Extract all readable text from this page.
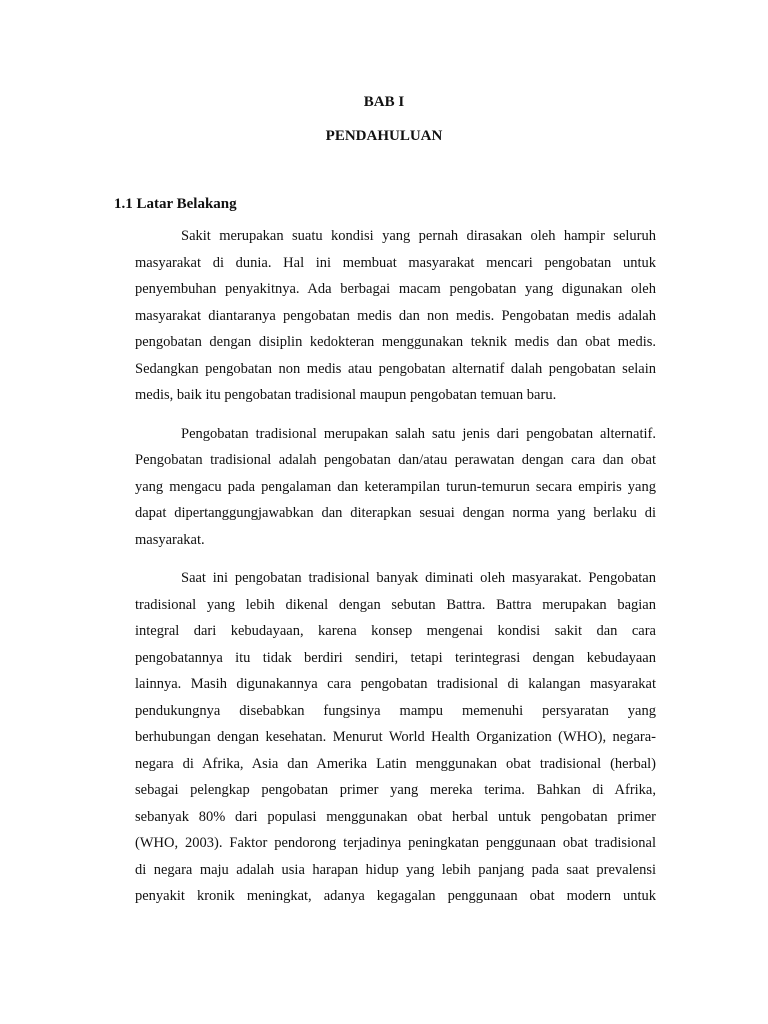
BAB I
PENDAHULUAN
1.1 Latar Belakang
Sakit merupakan suatu kondisi yang pernah dirasakan oleh hampir seluruh
masyarakat di dunia. Hal ini membuat masyarakat mencari pengobatan untuk
penyembuhan penyakitnya. Ada berbagai macam pengobatan yang digunakan oleh
masyarakat diantaranya pengobatan medis dan non medis. Pengobatan medis adalah
pengobatan dengan disiplin kedokteran menggunakan teknik medis dan obat medis.
Sedangkan pengobatan non medis atau pengobatan alternatif dalah pengobatan selain
medis, baik itu pengobatan tradisional maupun pengobatan temuan baru.
Pengobatan tradisional merupakan salah satu jenis dari pengobatan alternatif.
Pengobatan tradisional adalah pengobatan dan/atau perawatan dengan cara dan obat
yang mengacu pada pengalaman dan keterampilan turun-temurun secara empiris yang
dapat dipertanggungjawabkan dan diterapkan sesuai dengan norma yang berlaku di
masyarakat.
Saat ini pengobatan tradisional banyak diminati oleh masyarakat. Pengobatan
tradisional yang lebih dikenal dengan sebutan Battra. Battra merupakan bagian
integral dari kebudayaan, karena konsep mengenai kondisi sakit dan cara
pengobatannya itu tidak berdiri sendiri, tetapi terintegrasi dengan kebudayaan
lainnya. Masih digunakannya cara pengobatan tradisional di kalangan masyarakat
pendukungnya disebabkan fungsinya mampu memenuhi persyaratan yang
berhubungan dengan kesehatan. Menurut World Health Organization (WHO), negara-
negara di Afrika, Asia dan Amerika Latin menggunakan obat tradisional (herbal)
sebagai pelengkap pengobatan primer yang mereka terima. Bahkan di Afrika,
sebanyak 80% dari populasi menggunakan obat herbal untuk pengobatan primer
(WHO, 2003). Faktor pendorong terjadinya peningkatan penggunaan obat tradisional
di negara maju adalah usia harapan hidup yang lebih panjang pada saat prevalensi
penyakit kronik meningkat, adanya kegagalan penggunaan obat modern untuk
